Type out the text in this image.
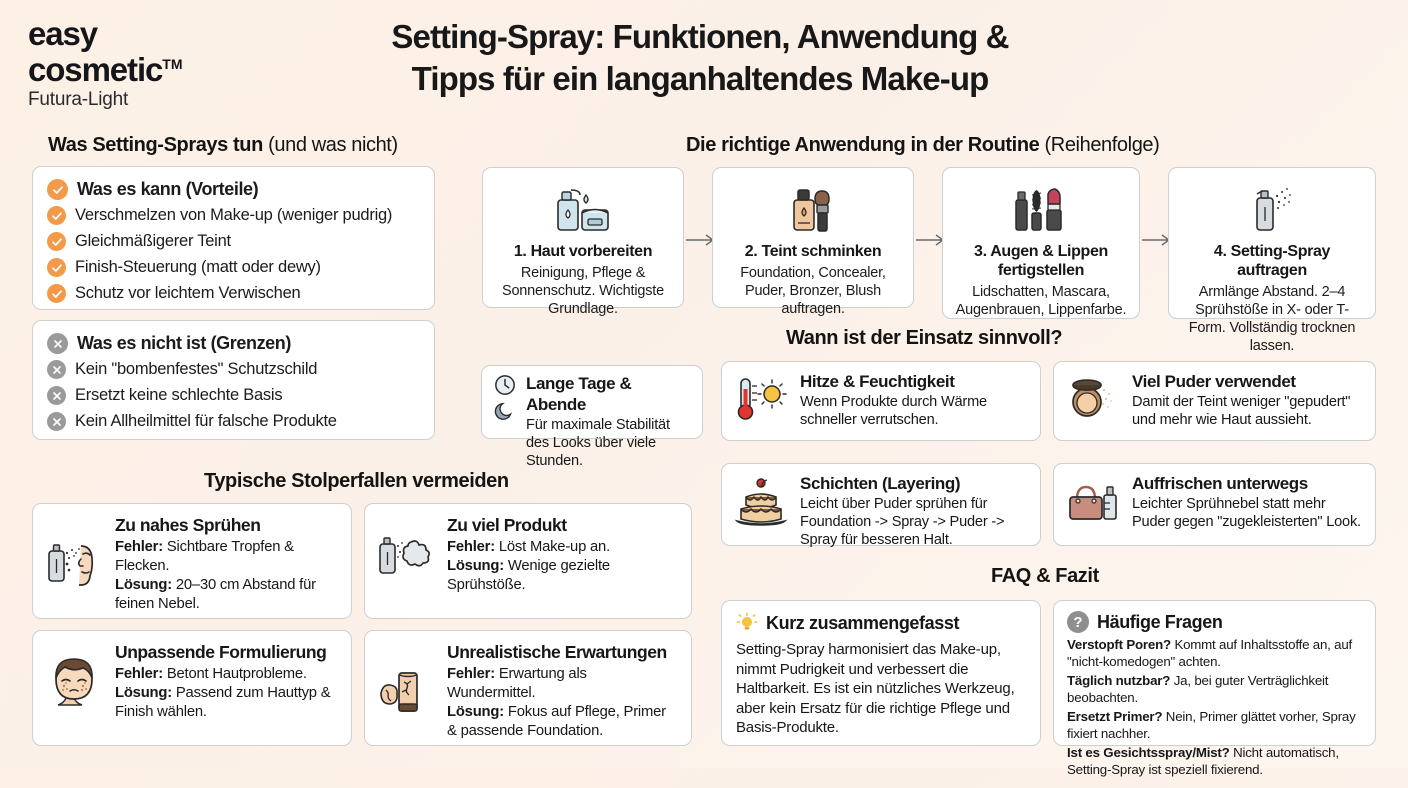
easy
cosmetic™
Futura-Light
Setting-Spray: Funktionen, Anwendung &
Tipps für ein langanhaltendes Make-up
Was Setting-Sprays tun (und was nicht)
Was es kann (Vorteile)
Verschmelzen von Make-up (weniger pudrig)
Gleichmäßigerer Teint
Finish-Steuerung (matt oder dewy)
Schutz vor leichtem Verwischen
Was es nicht ist (Grenzen)
Kein "bombenfestes" Schutzschild
Ersetzt keine schlechte Basis
Kein Allheilmittel für falsche Produkte
Typische Stolperfallen vermeiden
Zu nahes Sprühen
Fehler: Sichtbare Tropfen & Flecken.
Lösung: 20–30 cm Abstand für feinen Nebel.
Zu viel Produkt
Fehler: Löst Make-up an.
Lösung: Wenige gezielte Sprühstöße.
Unpassende Formulierung
Fehler: Betont Hautprobleme.
Lösung: Passend zum Hauttyp & Finish wählen.
Unrealistische Erwartungen
Fehler: Erwartung als Wundermittel.
Lösung: Fokus auf Pflege, Primer & passende Foundation.
Die richtige Anwendung in der Routine (Reihenfolge)
1. Haut vorbereiten
Reinigung, Pflege & Sonnenschutz. Wichtigste Grundlage.
2. Teint schminken
Foundation, Concealer, Puder, Bronzer, Blush auftragen.
3. Augen & Lippen fertigstellen
Lidschatten, Mascara, Augenbrauen, Lippenfarbe.
4. Setting-Spray auftragen
Armlänge Abstand. 2–4 Sprühstöße in X- oder T-Form. Vollständig trocknen lassen.
Wann ist der Einsatz sinnvoll?
Lange Tage & Abende
Für maximale Stabilität des Looks über viele Stunden.
Hitze & Feuchtigkeit
Wenn Produkte durch Wärme schneller verrutschen.
Viel Puder verwendet
Damit der Teint weniger "gepudert" und mehr wie Haut aussieht.
Schichten (Layering)
Leicht über Puder sprühen für Foundation -> Spray -> Puder -> Spray für besseren Halt.
Auffrischen unterwegs
Leichter Sprühnebel statt mehr Puder gegen "zugekleisterten" Look.
FAQ & Fazit
Kurz zusammengefasst
Setting-Spray harmonisiert das Make-up, nimmt Pudrigkeit und verbessert die Haltbarkeit. Es ist ein nützliches Werkzeug, aber kein Ersatz für die richtige Pflege und Basis-Produkte.
? Häufige Fragen
Verstopft Poren? Kommt auf Inhaltsstoffe an, auf "nicht-komedogen" achten.
Täglich nutzbar? Ja, bei guter Verträglichkeit beobachten.
Ersetzt Primer? Nein, Primer glättet vorher, Spray fixiert nachher.
Ist es Gesichtsspray/Mist? Nicht automatisch, Setting-Spray ist speziell fixierend.
